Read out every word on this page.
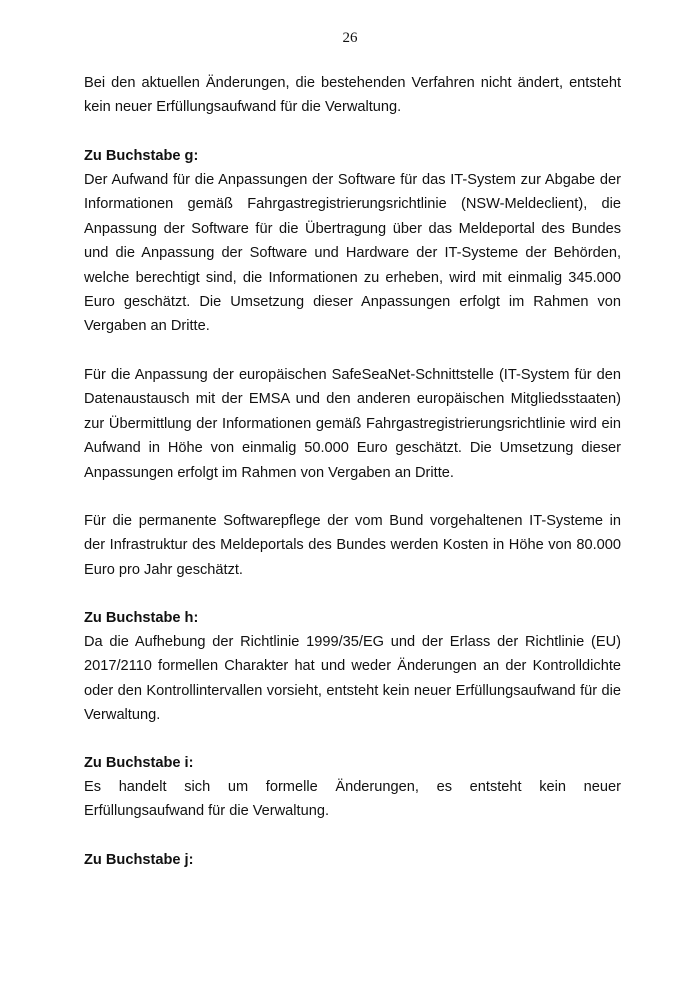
26
Bei den aktuellen Änderungen, die bestehenden Verfahren nicht ändert, entsteht kein neuer Erfüllungsaufwand für die Verwaltung.
Zu Buchstabe g:
Der Aufwand für die Anpassungen der Software für das IT-System zur Abgabe der Informationen gemäß Fahrgastregistrierungsrichtlinie (NSW-Meldeclient), die Anpassung der Software für die Übertragung über das Meldeportal des Bundes und die Anpassung der Software und Hardware der IT-Systeme der Behörden, welche berechtigt sind, die Informationen zu erheben, wird mit einmalig 345.000 Euro geschätzt. Die Umsetzung dieser Anpassungen erfolgt im Rahmen von Vergaben an Dritte.
Für die Anpassung der europäischen SafeSeaNet-Schnittstelle (IT-System für den Datenaustausch mit der EMSA und den anderen europäischen Mitgliedsstaaten) zur Übermittlung der Informationen gemäß Fahrgastregistrierungsrichtlinie wird ein Aufwand in Höhe von einmalig 50.000 Euro geschätzt. Die Umsetzung dieser Anpassungen erfolgt im Rahmen von Vergaben an Dritte.
Für die permanente Softwarepflege der vom Bund vorgehaltenen IT-Systeme in der Infrastruktur des Meldeportals des Bundes werden Kosten in Höhe von 80.000 Euro pro Jahr geschätzt.
Zu Buchstabe h:
Da die Aufhebung der Richtlinie 1999/35/EG und der Erlass der Richtlinie (EU) 2017/2110 formellen Charakter hat und weder Änderungen an der Kontrolldichte oder den Kontrollintervallen vorsieht, entsteht kein neuer Erfüllungsaufwand für die Verwaltung.
Zu Buchstabe i:
Es handelt sich um formelle Änderungen, es entsteht kein neuer Erfüllungsaufwand für die Verwaltung.
Zu Buchstabe j:
